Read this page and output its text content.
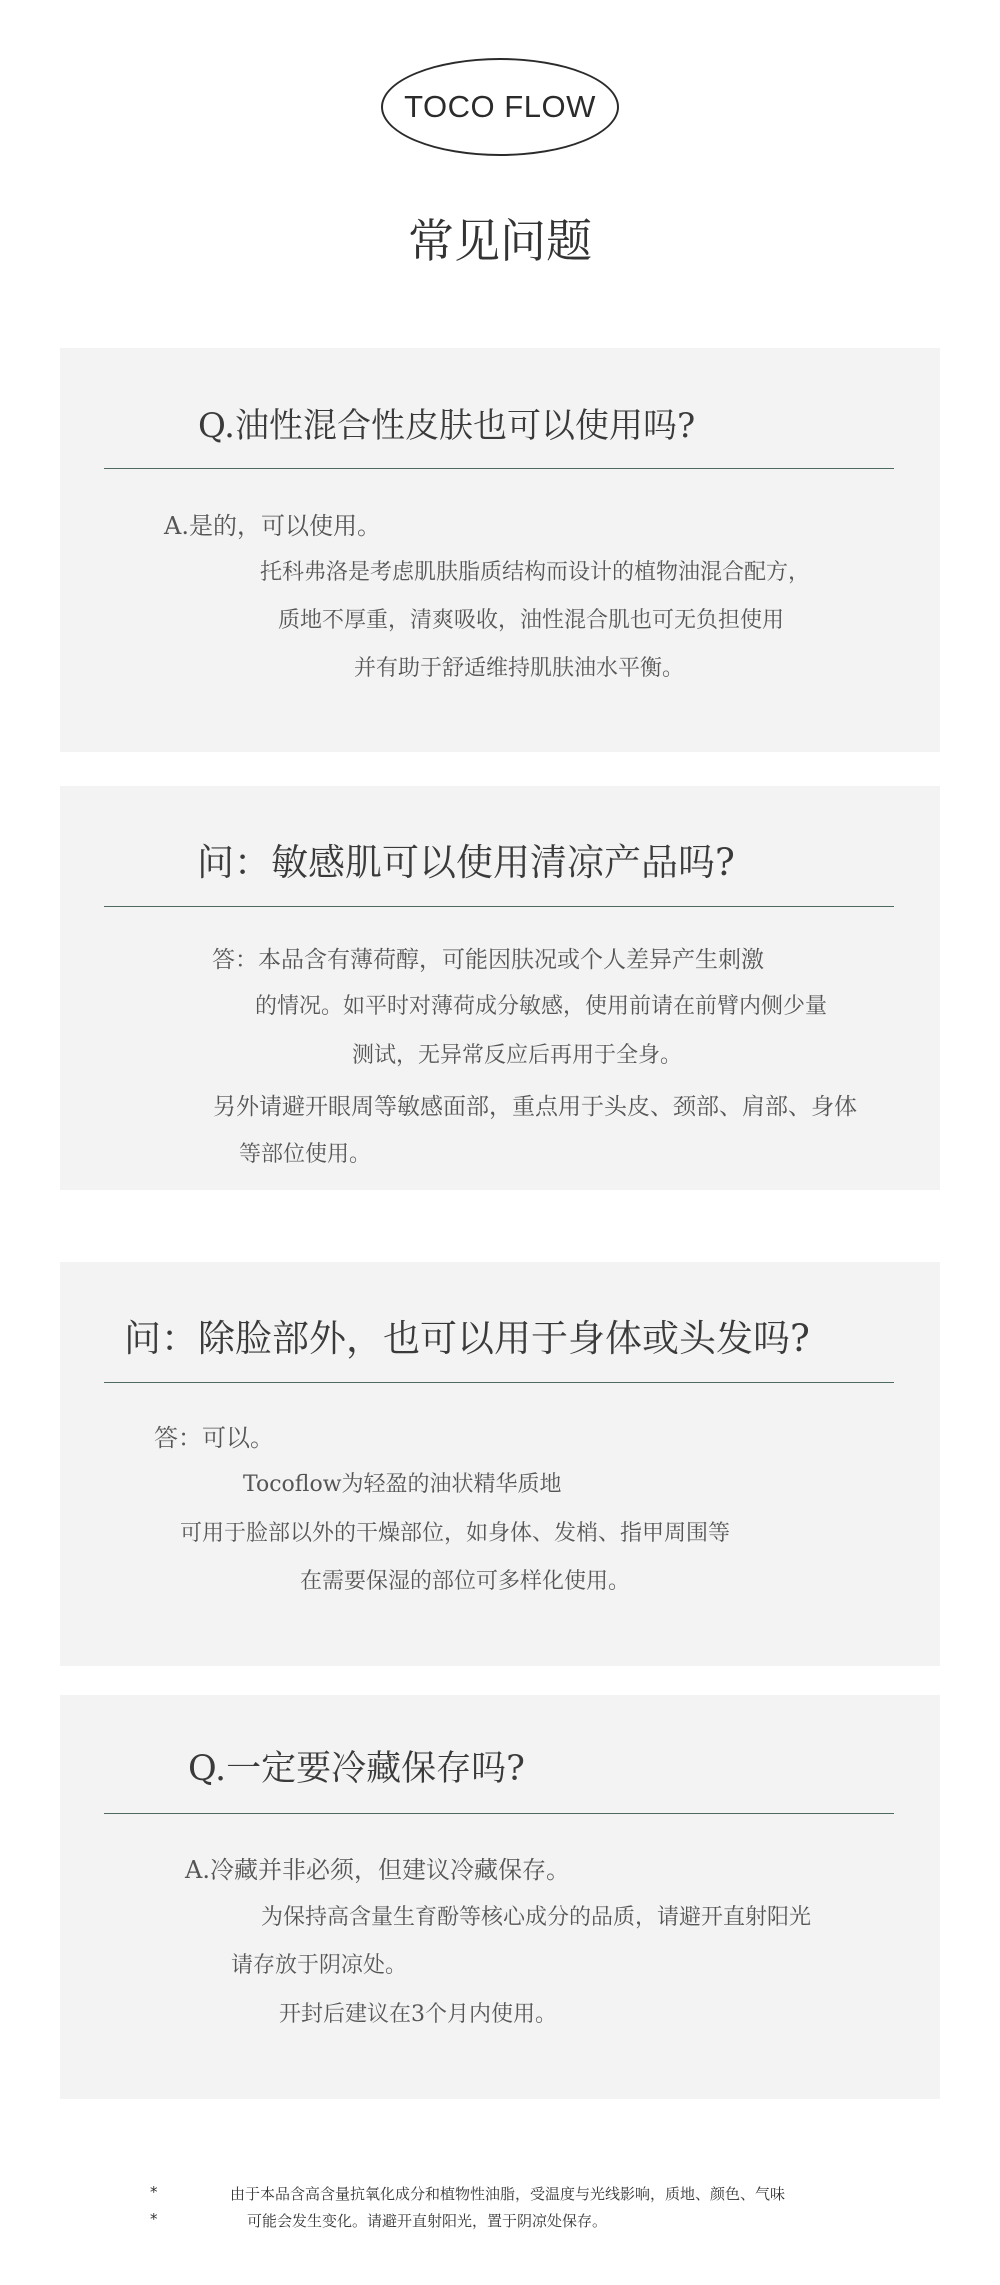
TOCO FLOW
常见问题
Q.油性混合性皮肤也可以使用吗?
A.是的，可以使用。
托科弗洛是考虑肌肤脂质结构而设计的植物油混合配方，
质地不厚重，清爽吸收，油性混合肌也可无负担使用
并有助于舒适维持肌肤油水平衡。
问：敏感肌可以使用清凉产品吗?
答：本品含有薄荷醇，可能因肤况或个人差异产生刺激
的情况。如平时对薄荷成分敏感，使用前请在前臂内侧少量
测试，无异常反应后再用于全身。
另外请避开眼周等敏感面部，重点用于头皮、颈部、肩部、身体
等部位使用。
问：除脸部外，也可以用于身体或头发吗?
答：可以。
Tocoflow为轻盈的油状精华质地
可用于脸部以外的干燥部位，如身体、发梢、指甲周围等
在需要保湿的部位可多样化使用。
Q.一定要冷藏保存吗?
A.冷藏并非必须，但建议冷藏保存。
为保持高含量生育酚等核心成分的品质，请避开直射阳光
请存放于阴凉处。
开封后建议在3个月内使用。
*	由于本品含高含量抗氧化成分和植物性油脂，受温度与光线影响，质地、颜色、气味
*	可能会发生变化。请避开直射阳光，置于阴凉处保存。
